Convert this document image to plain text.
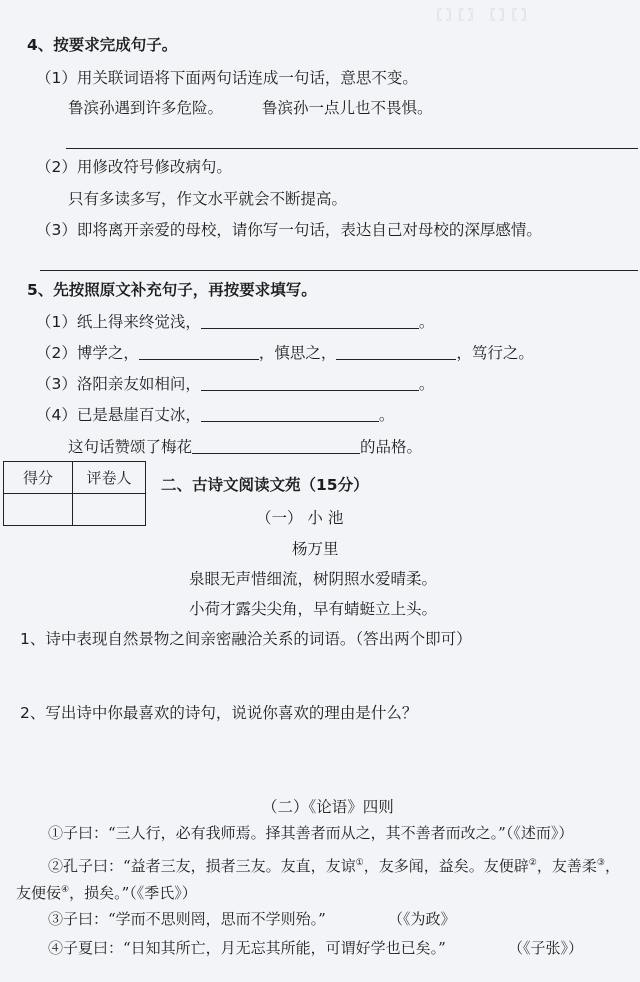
〖 〗〖 〗 〖 〗〖 〗
4、按要求完成句子。
（1）用关联词语将下面两句话连成一句话，意思不变。
鲁滨孙遇到许多危险。	鲁滨孙一点儿也不畏惧。
（2）用修改符号修改病句。
只有多读多写，作文水平就会不断提高。
（3）即将离开亲爱的母校，请你写一句话，表达自己对母校的深厚感情。
5、先按照原文补充句子，再按要求填写。
（1）纸上得来终觉浅，	。
（2）博学之，	，慎思之，	，笃行之。
（3）洛阳亲友如相问，	。
（4）已是悬崖百丈冰，	。
这句话赞颂了梅花	的品格。
得分	评卷人
	二、古诗文阅读文苑（15分）
（一） 小 池
杨万里
泉眼无声惜细流，树阴照水爱晴柔。
小荷才露尖尖角，早有蜻蜓立上头。
1、诗中表现自然景物之间亲密融洽关系的词语。（答出两个即可）
2、写出诗中你最喜欢的诗句，说说你喜欢的理由是什么？
（二）《论语》四则
①子曰：“三人行，必有我师焉。择其善者而从之，其不善者而改之。”（《述而》）
②孔子曰：“益者三友，损者三友。友直，友谅①，友多闻，益矣。友便辟②，友善柔③，
友便佞④，损矣。”（《季氏》）
③子曰：“学而不思则罔，思而不学则殆。”	（《为政》
④子夏曰：“日知其所亡，月无忘其所能，可谓好学也已矣。”	（《子张》）
